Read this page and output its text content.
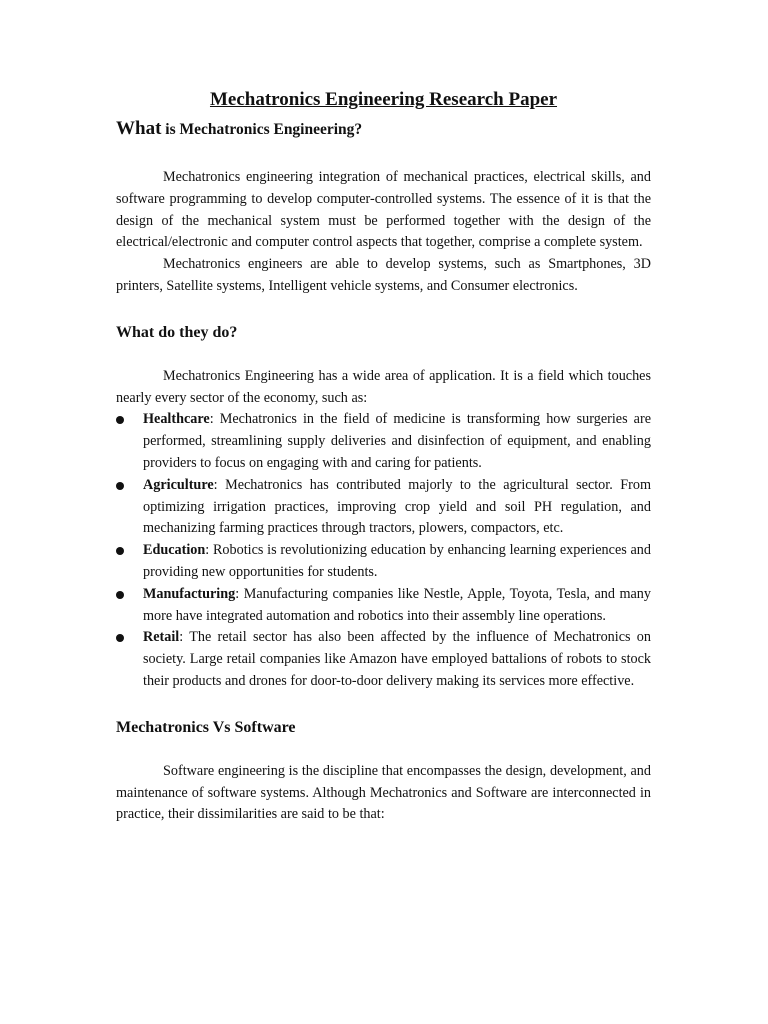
Mechatronics Engineering Research Paper
What is Mechatronics Engineering?

Mechatronics engineering integration of mechanical practices, electrical skills, and software programming to develop computer-controlled systems. The essence of it is that the design of the mechanical system must be performed together with the design of the electrical/electronic and computer control aspects that together, comprise a complete system.

Mechatronics engineers are able to develop systems, such as Smartphones, 3D printers, Satellite systems, Intelligent vehicle systems, and Consumer electronics.

What do they do?

Mechatronics Engineering has a wide area of application. It is a field which touches nearly every sector of the economy, such as:

Healthcare: Mechatronics in the field of medicine is transforming how surgeries are performed, streamlining supply deliveries and disinfection of equipment, and enabling providers to focus on engaging with and caring for patients.
Agriculture: Mechatronics has contributed majorly to the agricultural sector. From optimizing irrigation practices, improving crop yield and soil PH regulation, and mechanizing farming practices through tractors, plowers, compactors, etc.
Education: Robotics is revolutionizing education by enhancing learning experiences and providing new opportunities for students.
Manufacturing: Manufacturing companies like Nestle, Apple, Toyota, Tesla, and many more have integrated automation and robotics into their assembly line operations.
Retail: The retail sector has also been affected by the influence of Mechatronics on society. Large retail companies like Amazon have employed battalions of robots to stock their products and drones for door-to-door delivery making its services more effective.
Mechatronics Vs Software

Software engineering is the discipline that encompasses the design, development, and maintenance of software systems. Although Mechatronics and Software are interconnected in practice, their dissimilarities are said to be that:
